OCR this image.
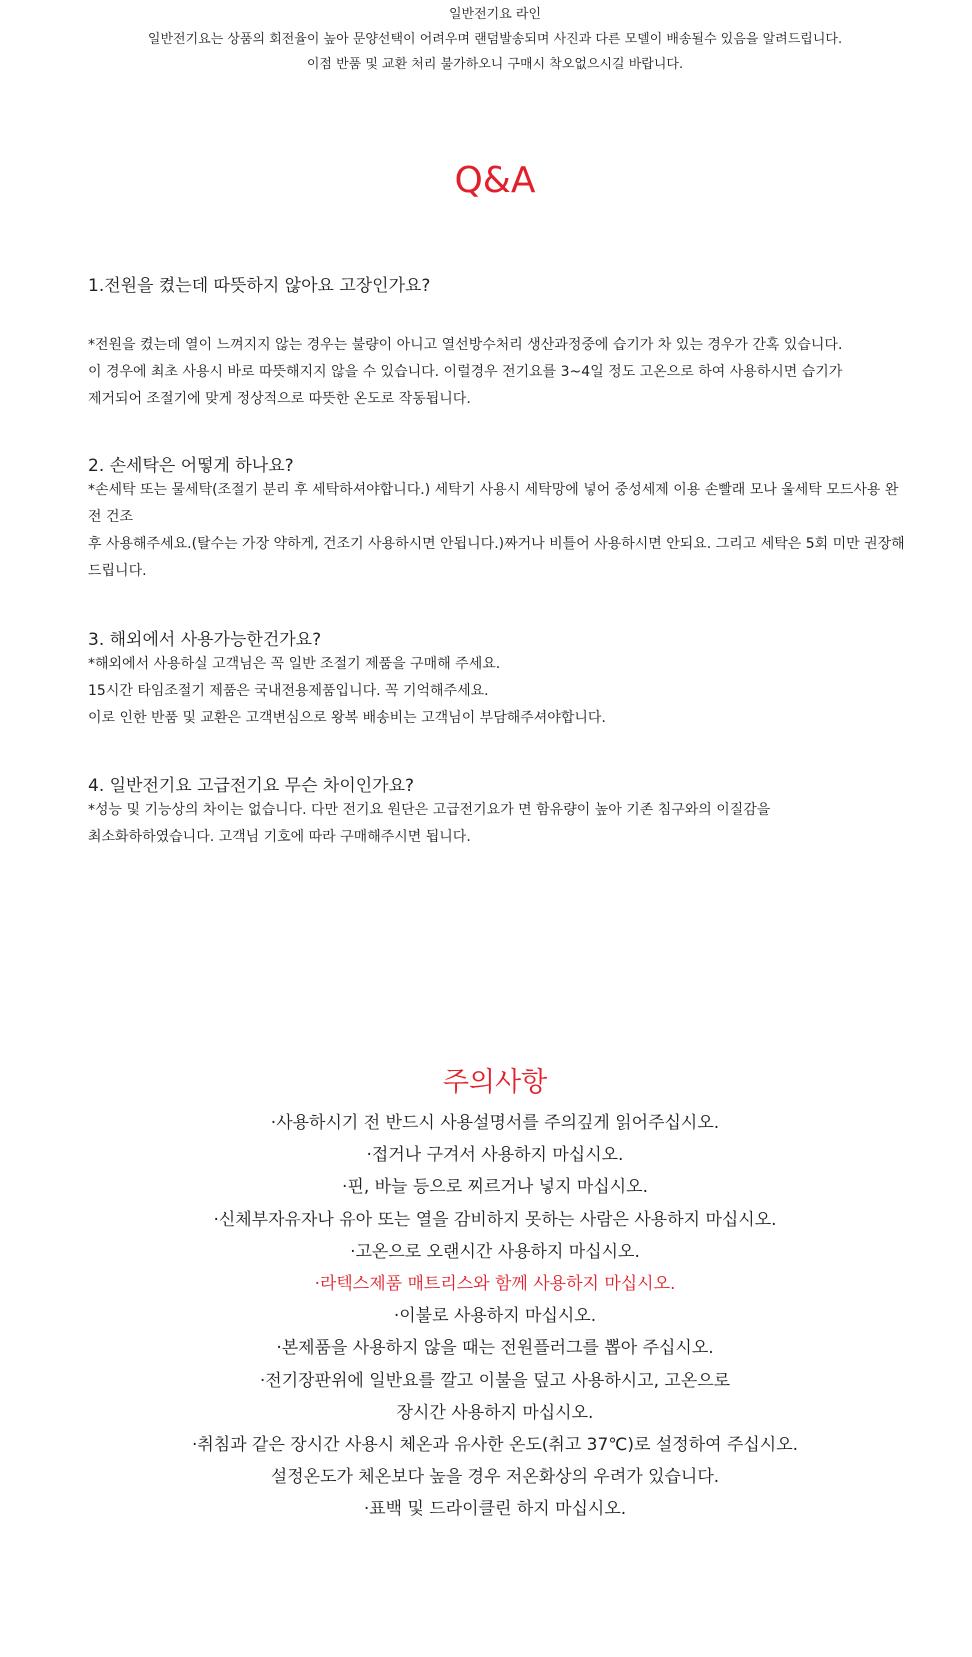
일반전기요 라인
일반전기요는 상품의 회전율이 높아 문양선택이 어려우며 랜덤발송되며 사진과 다른 모델이 배송될수 있음을 알려드립니다.
이점 반품 및 교환 처리 불가하오니 구매시 착오없으시길 바랍니다.
Q&A
1.전원을 켰는데 따뜻하지 않아요 고장인가요?
*전원을 켰는데 열이 느껴지지 않는 경우는 불량이 아니고 열선방수처리 생산과정중에 습기가 차 있는 경우가 간혹 있습니다.
이 경우에 최초 사용시 바로 따뜻해지지 않을 수 있습니다. 이럴경우 전기요를 3~4일 정도 고온으로 하여 사용하시면 습기가
제거되어 조절기에 맞게 정상적으로 따뜻한 온도로 작동됩니다.
2. 손세탁은 어떻게 하나요?
*손세탁 또는 물세탁(조절기 분리 후 세탁하셔야합니다.) 세탁기 사용시 세탁망에 넣어 중성세제 이용 손빨래 모나 울세탁 모드사용 완전 건조
후 사용해주세요.(탈수는 가장 약하게, 건조기 사용하시면 안됩니다.)짜거나 비틀어 사용하시면 안되요. 그리고 세탁은 5회 미만 권장해 드립니다.
3. 해외에서 사용가능한건가요?
*해외에서 사용하실 고객님은 꼭 일반 조절기 제품을 구매해 주세요.
15시간 타임조절기 제품은 국내전용제품입니다. 꼭 기억해주세요.
이로 인한 반품 및 교환은 고객변심으로 왕복 배송비는 고객님이 부담해주셔야합니다.
4. 일반전기요 고급전기요 무슨 차이인가요?
*성능 및 기능상의 차이는 없습니다. 다만 전기요 원단은 고급전기요가 면 함유량이 높아 기존 침구와의 이질감을
최소화하하였습니다. 고객님 기호에 따라 구매해주시면 됩니다.
주의사항
·사용하시기 전 반드시 사용설명서를 주의깊게 읽어주십시오.
·접거나 구겨서 사용하지 마십시오.
·핀, 바늘 등으로 찌르거나 넣지 마십시오.
·신체부자유자나 유아 또는 열을 감비하지 못하는 사람은 사용하지 마십시오.
·고온으로 오랜시간 사용하지 마십시오.
·라텍스제품 매트리스와 함께 사용하지 마십시오.
·이불로 사용하지 마십시오.
·본제품을 사용하지 않을 때는 전원플러그를 뽑아 주십시오.
·전기장판위에 일반요를 깔고 이불을 덮고 사용하시고, 고온으로
장시간 사용하지 마십시오.
·취침과 같은 장시간 사용시 체온과 유사한 온도(취고 37℃)로 설정하여 주십시오.
설정온도가 체온보다 높을 경우 저온화상의 우려가 있습니다.
·표백 및 드라이클린 하지 마십시오.
